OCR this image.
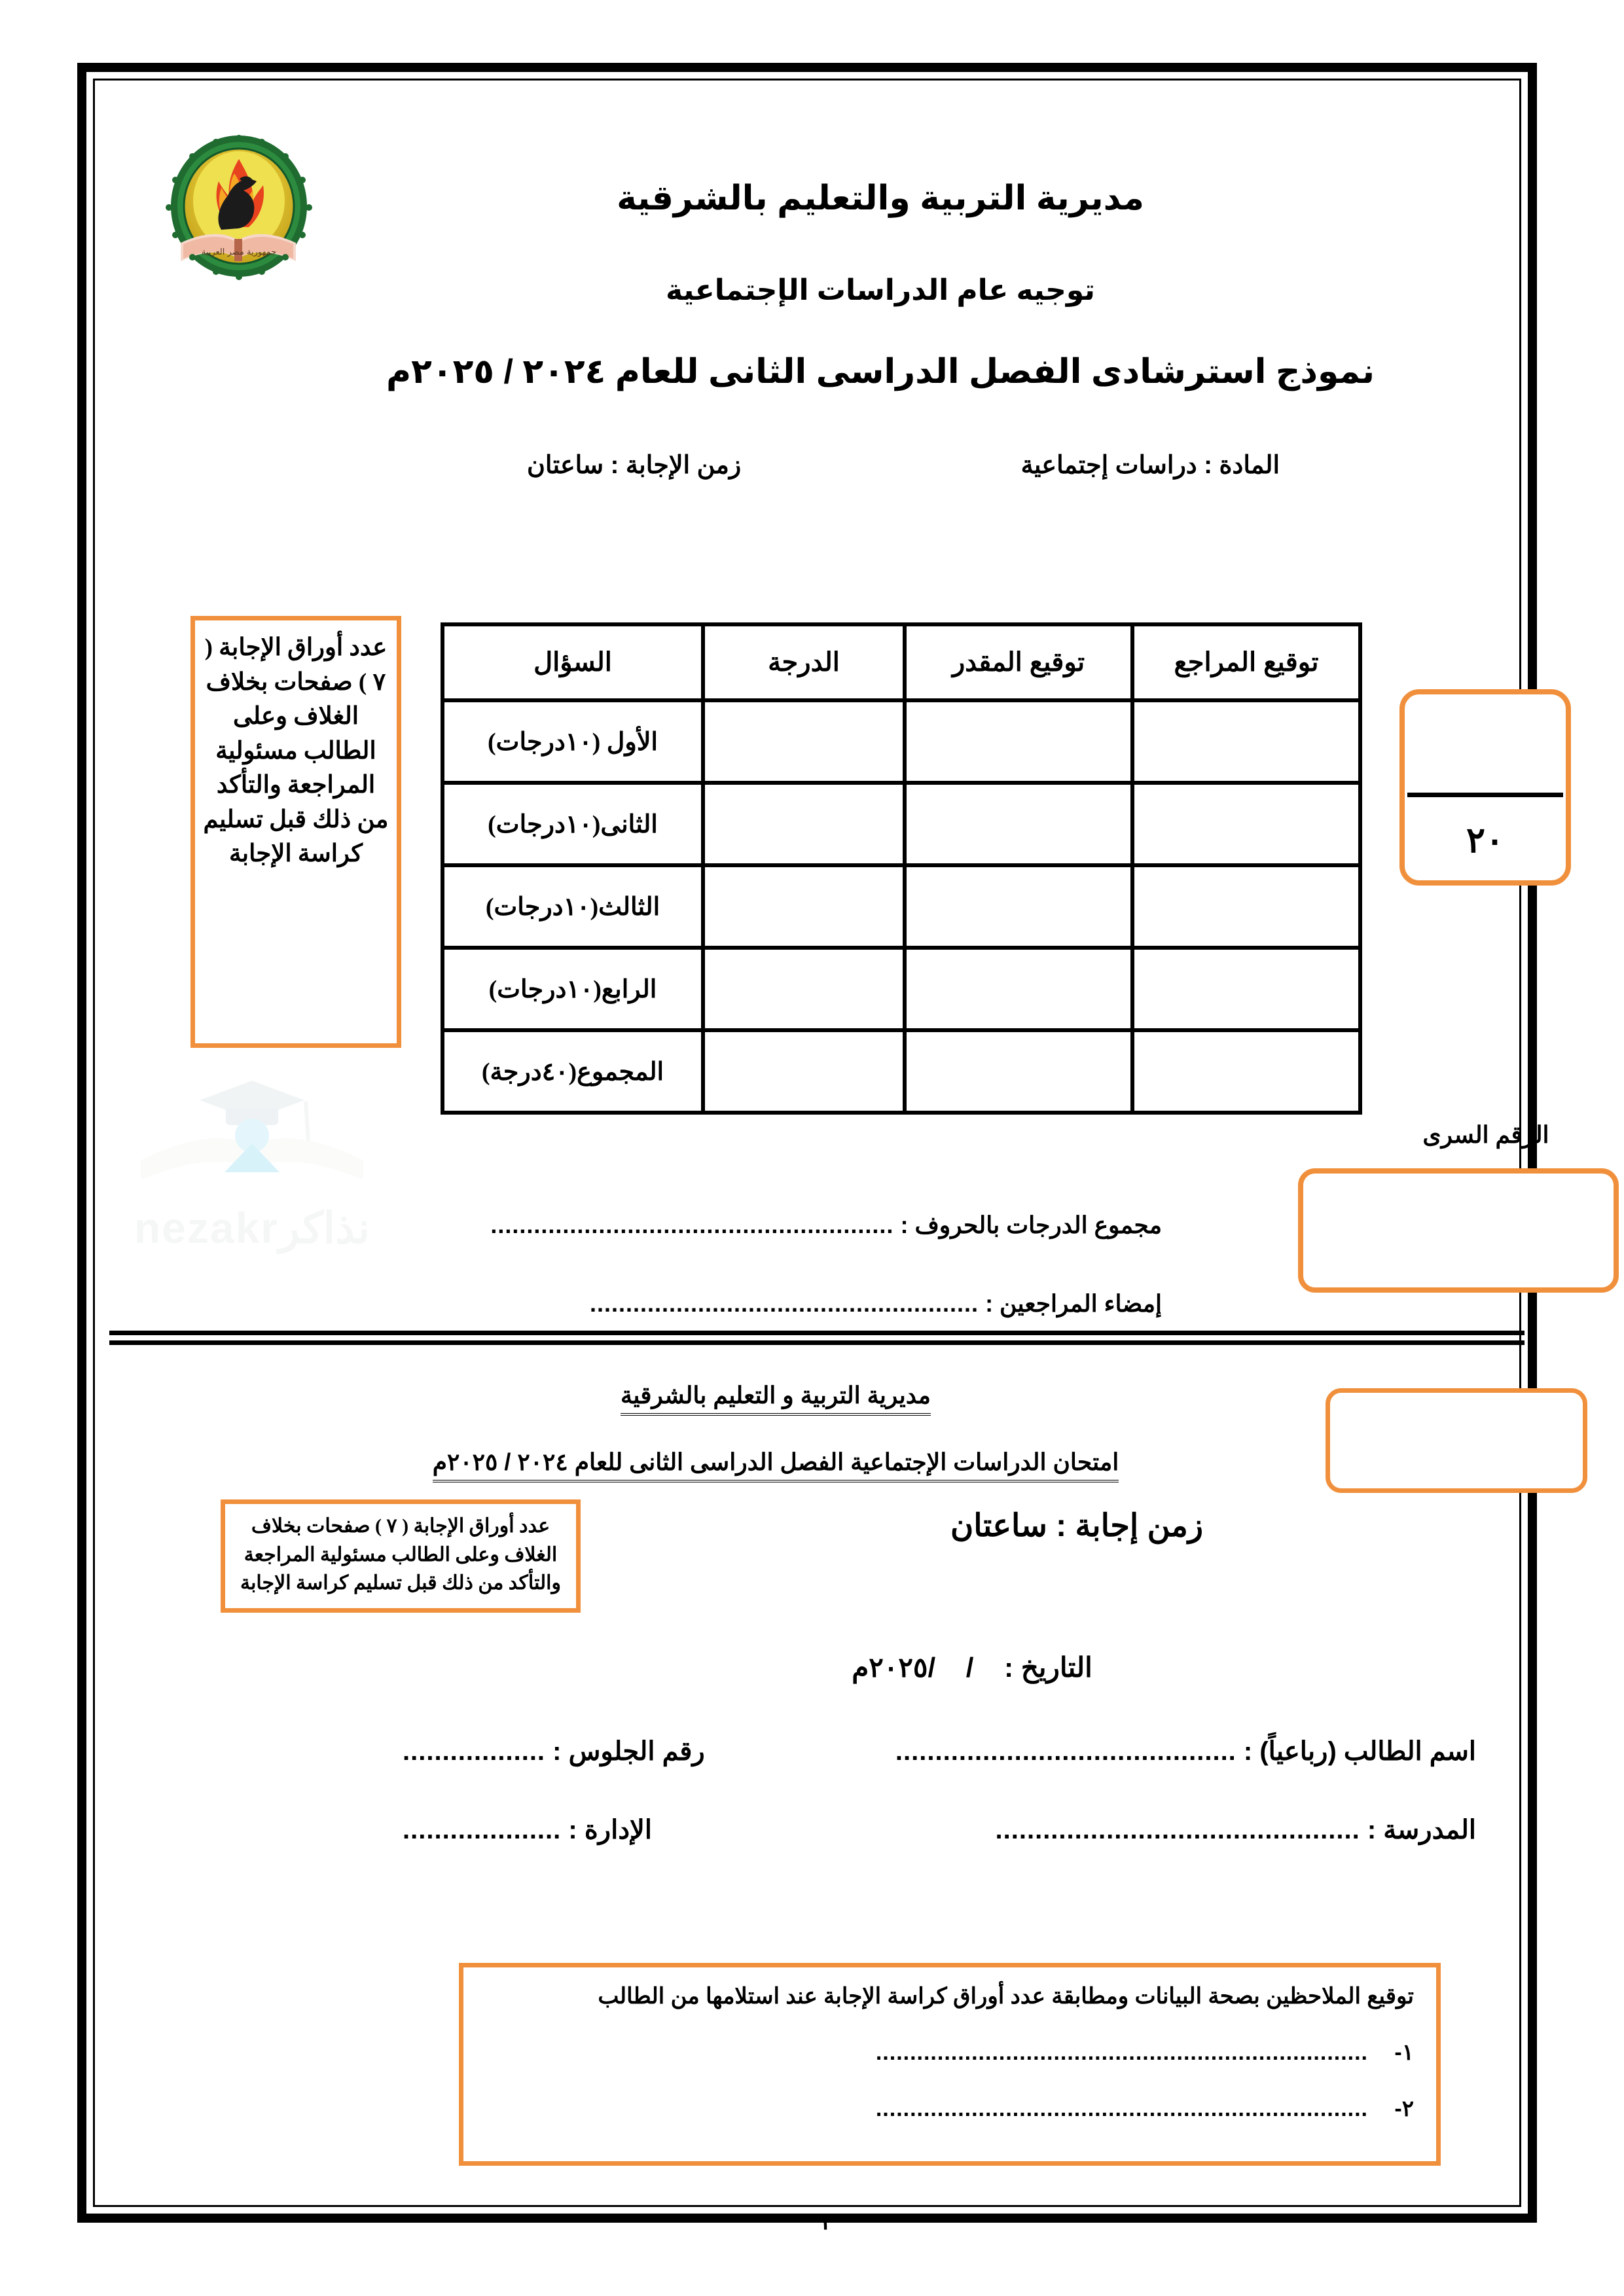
نذاكرnezakr
جمهورية مصر العربية
مديرية التربية والتعليم بالشرقية
توجيه عام الدراسات الإجتماعية
نموذج استرشادى الفصل الدراسى الثانى للعام ٢٠٢٤ / ٢٠٢٥م
المادة : دراسات إجتماعية
زمن الإجابة : ساعتان
عدد أوراق الإجابة ( ٧ ) صفحات بخلاف الغلاف وعلى الطالب مسئولية المراجعة والتأكد من ذلك قبل تسليم كراسة الإجابة
توقيع المراجع	توقيع المقدر	الدرجة	السؤال
			الأول (١٠درجات)
			الثانى(١٠درجات)
			الثالث(١٠درجات)
			الرابع(١٠درجات)
			المجموع(٤٠درجة)
٢٠
الرقم السرى
مجموع الدرجات بالحروف : ........................................................
إمضاء المراجعين : ......................................................
مديرية التربية و التعليم بالشرقية
امتحان الدراسات الإجتماعية الفصل الدراسى الثانى للعام ٢٠٢٤ / ٢٠٢٥م
عدد أوراق الإجابة ( ٧ ) صفحات بخلاف الغلاف وعلى الطالب مسئولية المراجعة والتأكد من ذلك قبل تسليم كراسة الإجابة
زمن إجابة : ساعتان
التاريخ :    /    /٢٠٢٥م
اسم الطالب (رباعياً) : ...........................................
رقم الجلوس : ..................
المدرسة : ..............................................
الإدارة : ....................
توقيع الملاحظين بصحة البيانات ومطابقة عدد أوراق كراسة الإجابة عند استلامها من الطالب
١-
........................................................................
٢-
........................................................................
١
